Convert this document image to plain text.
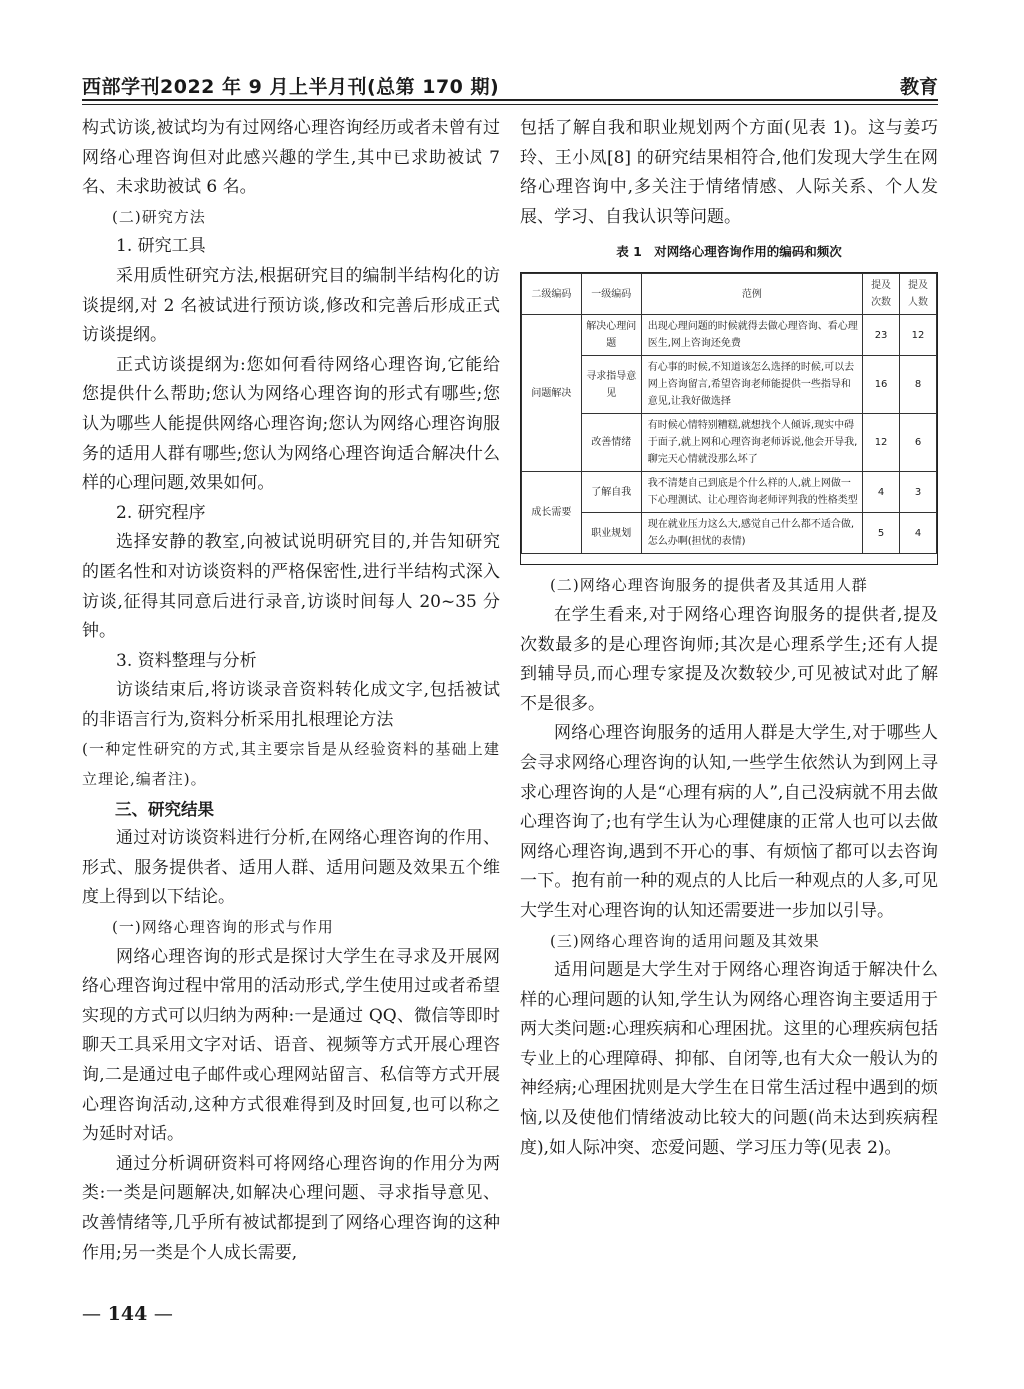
西部学刊2022 年 9 月上半月刊(总第 170 期)	教育

构式访谈,被试均为有过网络心理咨询经历或者未曾有过网络心理咨询但对此感兴趣的学生,其中已求助被试 7 名、未求助被试 6 名。

(二)研究方法

1. 研究工具

采用质性研究方法,根据研究目的编制半结构化的访谈提纲,对 2 名被试进行预访谈,修改和完善后形成正式访谈提纲。

正式访谈提纲为:您如何看待网络心理咨询,它能给您提供什么帮助;您认为网络心理咨询的形式有哪些;您认为哪些人能提供网络心理咨询;您认为网络心理咨询服务的适用人群有哪些;您认为网络心理咨询适合解决什么样的心理问题,效果如何。

2. 研究程序

选择安静的教室,向被试说明研究目的,并告知研究的匿名性和对访谈资料的严格保密性,进行半结构式深入访谈,征得其同意后进行录音,访谈时间每人 20~35 分钟。

3. 资料整理与分析

访谈结束后,将访谈录音资料转化成文字,包括被试的非语言行为,资料分析采用扎根理论方法

(一种定性研究的方式,其主要宗旨是从经验资料的基础上建立理论,编者注)。

三、研究结果

通过对访谈资料进行分析,在网络心理咨询的作用、形式、服务提供者、适用人群、适用问题及效果五个维度上得到以下结论。

(一)网络心理咨询的形式与作用

网络心理咨询的形式是探讨大学生在寻求及开展网络心理咨询过程中常用的活动形式,学生使用过或者希望实现的方式可以归纳为两种:一是通过 QQ、微信等即时聊天工具采用文字对话、语音、视频等方式开展心理咨询,二是通过电子邮件或心理网站留言、私信等方式开展心理咨询活动,这种方式很难得到及时回复,也可以称之为延时对话。

通过分析调研资料可将网络心理咨询的作用分为两类:一类是问题解决,如解决心理问题、寻求指导意见、改善情绪等,几乎所有被试都提到了网络心理咨询的这种作用;另一类是个人成长需要,

包括了解自我和职业规划两个方面(见表 1)。这与姜巧玲、王小凤[8] 的研究结果相符合,他们发现大学生在网络心理咨询中,多关注于情绪情感、人际关系、个人发展、学习、自我认识等问题。

表 1　对网络心理咨询作用的编码和频次
二级编码	一级编码	范例	提及次数	提及人数
问题解决	解决心理问题	出现心理问题的时候就得去做心理咨询、看心理医生,网上咨询还免费	23	12
	寻求指导意见	有心事的时候,不知道该怎么选择的时候,可以去网上咨询留言,希望咨询老师能提供一些指导和意见,让我好做选择	16	8
	改善情绪	有时候心情特别糟糕,就想找个人倾诉,现实中碍于面子,就上网和心理咨询老师诉说,他会开导我,聊完天心情就没那么坏了	12	6
成长需要	了解自我	我不清楚自己到底是个什么样的人,就上网做一下心理测试、让心理咨询老师评判我的性格类型	4	3
	职业规划	现在就业压力这么大,感觉自己什么都不适合做,怎么办啊(担忧的表情)	5	4

(二)网络心理咨询服务的提供者及其适用人群

在学生看来,对于网络心理咨询服务的提供者,提及次数最多的是心理咨询师;其次是心理系学生;还有人提到辅导员,而心理专家提及次数较少,可见被试对此了解不是很多。

网络心理咨询服务的适用人群是大学生,对于哪些人会寻求网络心理咨询的认知,一些学生依然认为到网上寻求心理咨询的人是“心理有病的人”,自己没病就不用去做心理咨询了;也有学生认为心理健康的正常人也可以去做网络心理咨询,遇到不开心的事、有烦恼了都可以去咨询一下。抱有前一种的观点的人比后一种观点的人多,可见大学生对心理咨询的认知还需要进一步加以引导。

(三)网络心理咨询的适用问题及其效果

适用问题是大学生对于网络心理咨询适于解决什么样的心理问题的认知,学生认为网络心理咨询主要适用于两大类问题:心理疾病和心理困扰。这里的心理疾病包括专业上的心理障碍、抑郁、自闭等,也有大众一般认为的神经病;心理困扰则是大学生在日常生活过程中遇到的烦恼,以及使他们情绪波动比较大的问题(尚未达到疾病程度),如人际冲突、恋爱问题、学习压力等(见表 2)。

— 144 —
